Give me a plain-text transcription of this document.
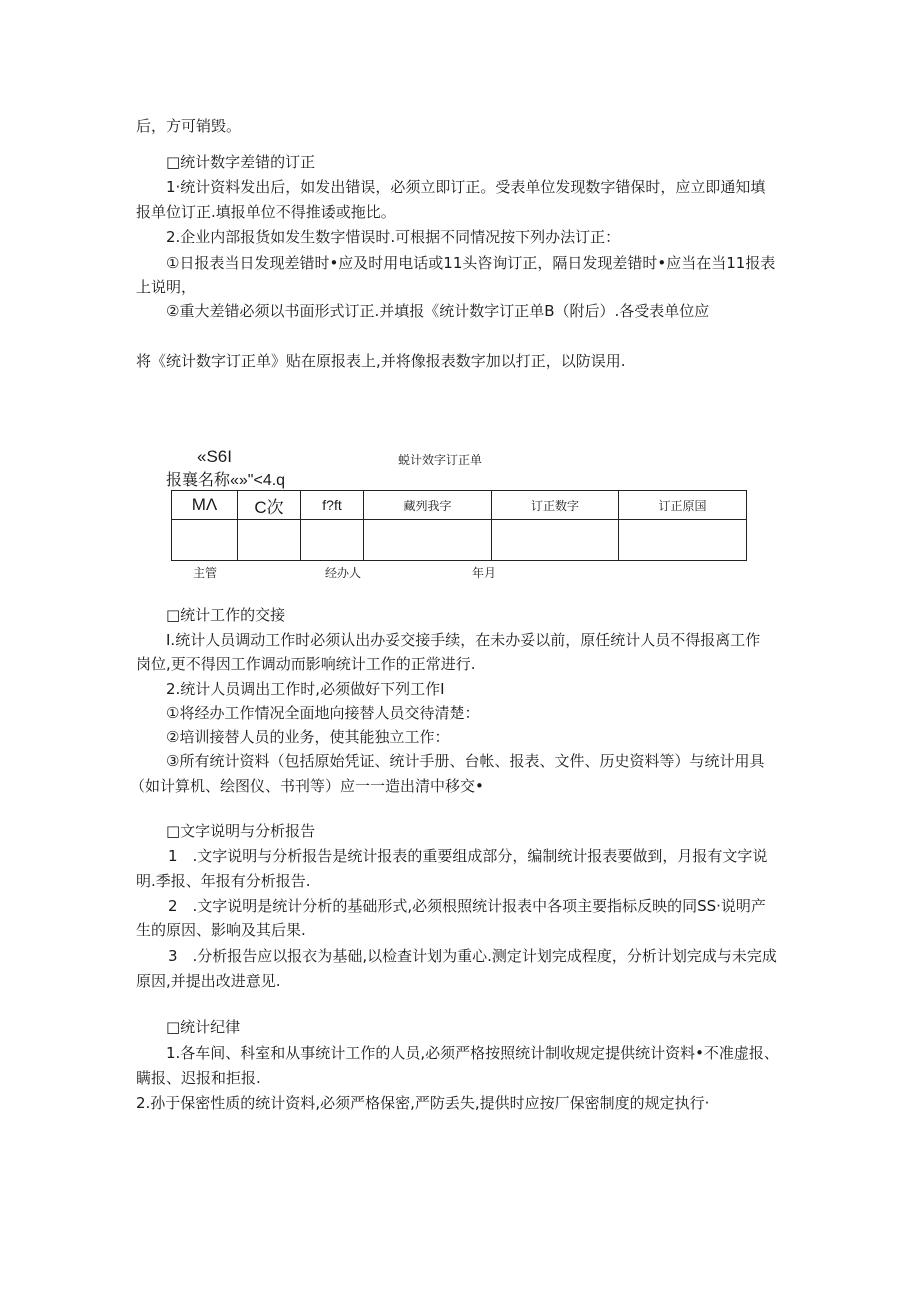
后，方可销毁。
□统计数字差错的订正
1·统计资料发出后，如发出错误，必须立即订正。受表单位发现数字错保时，应立即通知填
报单位订正.填报单位不得推诿或拖比。
2.企业内部报货如发生数字惜误时.可根据不同情况按下列办法订正：
①日报表当日发现差错时•应及时用电话或11头咨询订正，隔日发现差错时•应当在当11报表
上说明，
②重大差错必须以书面形式订正.并填报《统计数字订正单B（附后）.各受表单位应
将《统计数字订正单》贴在原报表上,并将像报表数字加以打正，以防误用.
«S6I	蜕计效字订正单
报襄名称«»"<4.q
MΛ	C次	f?ft	藏列我字	订正数字	订正原国

主管	经办人	年月
□统计工作的交接
I.统计人员调动工作时必须认出办妥交接手续，在未办妥以前，原任统计人员不得报离工作
岗位,更不得因工作调动而影响统计工作的正常进行.
2.统计人员调出工作时,必须做好下列工作I
①将经办工作情况全面地向接替人员交待清楚：
②培训接替人员的业务，使其能独立工作：
③所有统计资料（包括原始凭证、统计手册、台帐、报表、文件、历史资料等）与统计用具
（如计算机、绘图仪、书刊等）应一一造出清中移交•
□文字说明与分析报告
1　.文字说明与分析报告是统计报表的重要组成部分，编制统计报表要做到，月报有文字说
明.季报、年报有分析报告.
2　.文字说明是统计分析的基础形式,必须根照统计报表中各项主要指标反映的同SS·说明产
生的原因、影响及其后果.
3　.分析报告应以报衣为基础,以检查计划为重心.测定计划完成程度，分析计划完成与未完成
原因,并提出改进意见.
□统计纪律
1.各车间、科室和从事统计工作的人员,必须严格按照统计制收规定提供统计资料•不准虚报、
瞒报、迟报和拒报.
2.孙于保密性质的统计资料,必须严格保密,严防丢失,提供时应按厂保密制度的规定执行·
